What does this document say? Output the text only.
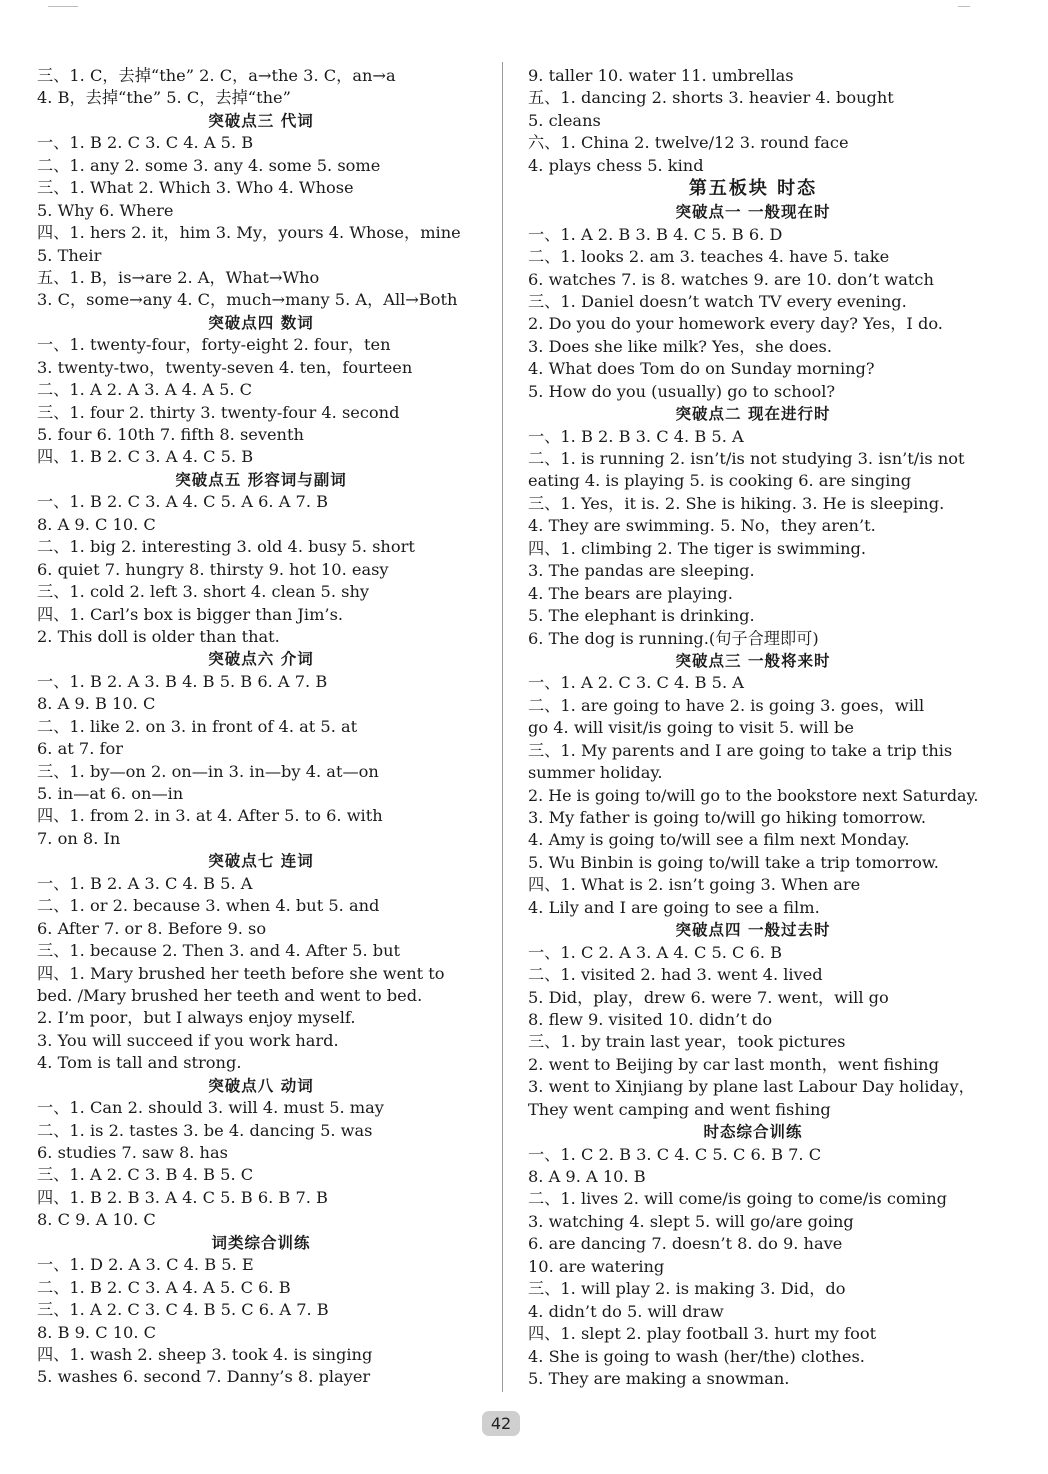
三、1. C，去掉“the” 2. C，a→the 3. C，an→a
4. B，去掉“the” 5. C，去掉“the”
突破点三 代词
一、1. B 2. C 3. C 4. A 5. B
二、1. any 2. some 3. any 4. some 5. some
三、1. What 2. Which 3. Who 4. Whose
5. Why 6. Where
四、1. hers 2. it，him 3. My，yours 4. Whose，mine
5. Their
五、1. B，is→are 2. A，What→Who
3. C，some→any 4. C，much→many 5. A，All→Both
突破点四 数词
一、1. twenty-four，forty-eight 2. four，ten
3. twenty-two，twenty-seven 4. ten，fourteen
二、1. A 2. A 3. A 4. A 5. C
三、1. four 2. thirty 3. twenty-four 4. second
5. four 6. 10th 7. fifth 8. seventh
四、1. B 2. C 3. A 4. C 5. B
突破点五 形容词与副词
一、1. B 2. C 3. A 4. C 5. A 6. A 7. B
8. A 9. C 10. C
二、1. big 2. interesting 3. old 4. busy 5. short
6. quiet 7. hungry 8. thirsty 9. hot 10. easy
三、1. cold 2. left 3. short 4. clean 5. shy
四、1. Carl’s box is bigger than Jim’s.
2. This doll is older than that.
突破点六 介词
一、1. B 2. A 3. B 4. B 5. B 6. A 7. B
8. A 9. B 10. C
二、1. like 2. on 3. in front of 4. at 5. at
6. at 7. for
三、1. by—on 2. on—in 3. in—by 4. at—on
5. in—at 6. on—in
四、1. from 2. in 3. at 4. After 5. to 6. with
7. on 8. In
突破点七 连词
一、1. B 2. A 3. C 4. B 5. A
二、1. or 2. because 3. when 4. but 5. and
6. After 7. or 8. Before 9. so
三、1. because 2. Then 3. and 4. After 5. but
四、1. Mary brushed her teeth before she went to
bed. /Mary brushed her teeth and went to bed.
2. I’m poor，but I always enjoy myself.
3. You will succeed if you work hard.
4. Tom is tall and strong.
突破点八 动词
一、1. Can 2. should 3. will 4. must 5. may
二、1. is 2. tastes 3. be 4. dancing 5. was
6. studies 7. saw 8. has
三、1. A 2. C 3. B 4. B 5. C
四、1. B 2. B 3. A 4. C 5. B 6. B 7. B
8. C 9. A 10. C
词类综合训练
一、1. D 2. A 3. C 4. B 5. E
二、1. B 2. C 3. A 4. A 5. C 6. B
三、1. A 2. C 3. C 4. B 5. C 6. A 7. B
8. B 9. C 10. C
四、1. wash 2. sheep 3. took 4. is singing
5. washes 6. second 7. Danny’s 8. player
9. taller 10. water 11. umbrellas
五、1. dancing 2. shorts 3. heavier 4. bought
5. cleans
六、1. China 2. twelve/12 3. round face
4. plays chess 5. kind
第五板块 时态
突破点一 一般现在时
一、1. A 2. B 3. B 4. C 5. B 6. D
二、1. looks 2. am 3. teaches 4. have 5. take
6. watches 7. is 8. watches 9. are 10. don’t watch
三、1. Daniel doesn’t watch TV every evening.
2. Do you do your homework every day? Yes，I do.
3. Does she like milk? Yes，she does.
4. What does Tom do on Sunday morning?
5. How do you (usually) go to school?
突破点二 现在进行时
一、1. B 2. B 3. C 4. B 5. A
二、1. is running 2. isn’t/is not studying 3. isn’t/is not
eating 4. is playing 5. is cooking 6. are singing
三、1. Yes，it is. 2. She is hiking. 3. He is sleeping.
4. They are swimming. 5. No，they aren’t.
四、1. climbing 2. The tiger is swimming.
3. The pandas are sleeping.
4. The bears are playing.
5. The elephant is drinking.
6. The dog is running.(句子合理即可)
突破点三 一般将来时
一、1. A 2. C 3. C 4. B 5. A
二、1. are going to have 2. is going 3. goes，will
go 4. will visit/is going to visit 5. will be
三、1. My parents and I are going to take a trip this
summer holiday.
2. He is going to/will go to the bookstore next Saturday.
3. My father is going to/will go hiking tomorrow.
4. Amy is going to/will see a film next Monday.
5. Wu Binbin is going to/will take a trip tomorrow.
四、1. What is 2. isn’t going 3. When are
4. Lily and I are going to see a film.
突破点四 一般过去时
一、1. C 2. A 3. A 4. C 5. C 6. B
二、1. visited 2. had 3. went 4. lived
5. Did，play，drew 6. were 7. went，will go
8. flew 9. visited 10. didn’t do
三、1. by train last year，took pictures
2. went to Beijing by car last month，went fishing
3. went to Xinjiang by plane last Labour Day holiday，
They went camping and went fishing
时态综合训练
一、1. C 2. B 3. C 4. C 5. C 6. B 7. C
8. A 9. A 10. B
二、1. lives 2. will come/is going to come/is coming
3. watching 4. slept 5. will go/are going
6. are dancing 7. doesn’t 8. do 9. have
10. are watering
三、1. will play 2. is making 3. Did，do
4. didn’t do 5. will draw
四、1. slept 2. play football 3. hurt my foot
4. She is going to wash (her/the) clothes.
5. They are making a snowman.
42
